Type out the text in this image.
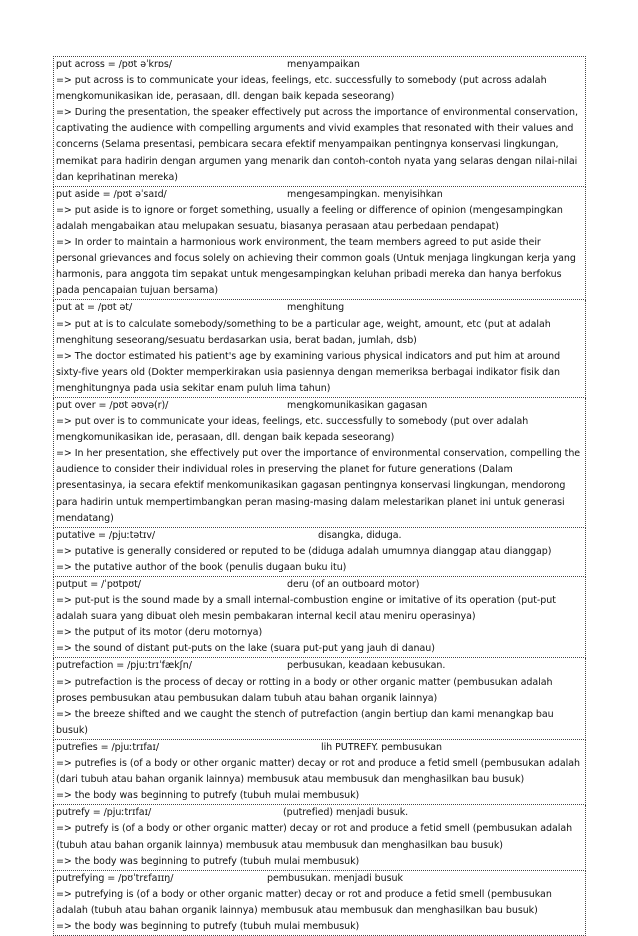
put across = /pʊt əˈkrɒs/	menyampaikan
=> put across is to communicate your ideas, feelings, etc. successfully to somebody (put across adalah mengkomunikasikan ide, perasaan, dll. dengan baik kepada seseorang)
=> During the presentation, the speaker effectively put across the importance of environmental conservation, captivating the audience with compelling arguments and vivid examples that resonated with their values and concerns (Selama presentasi, pembicara secara efektif menyampaikan pentingnya konservasi lingkungan, memikat para hadirin dengan argumen yang menarik dan contoh-contoh nyata yang selaras dengan nilai-nilai dan keprihatinan mereka)
put aside = /pʊt əˈsaɪd/	mengesampingkan. menyisihkan
=> put aside is to ignore or forget something, usually a feeling or difference of opinion (mengesampingkan adalah mengabaikan atau melupakan sesuatu, biasanya perasaan atau perbedaan pendapat)
=> In order to maintain a harmonious work environment, the team members agreed to put aside their personal grievances and focus solely on achieving their common goals (Untuk menjaga lingkungan kerja yang harmonis, para anggota tim sepakat untuk mengesampingkan keluhan pribadi mereka dan hanya berfokus pada pencapaian tujuan bersama)
put at = /pʊt ət/	menghitung
=> put at is to calculate somebody/something to be a particular age, weight, amount, etc (put at adalah menghitung seseorang/sesuatu berdasarkan usia, berat badan, jumlah, dsb)
=> The doctor estimated his patient's age by examining various physical indicators and put him at around sixty-five years old (Dokter memperkirakan usia pasiennya dengan memeriksa berbagai indikator fisik dan menghitungnya pada usia sekitar enam puluh lima tahun)
put over = /pʊt əʊvə(r)/	mengkomunikasikan gagasan
=> put over is to communicate your ideas, feelings, etc. successfully to somebody (put over adalah mengkomunikasikan ide, perasaan, dll. dengan baik kepada seseorang)
=> In her presentation, she effectively put over the importance of environmental conservation, compelling the audience to consider their individual roles in preserving the planet for future generations (Dalam presentasinya, ia secara efektif menkomunikasikan gagasan pentingnya konservasi lingkungan, mendorong para hadirin untuk mempertimbangkan peran masing-masing dalam melestarikan planet ini untuk generasi mendatang)
putative = /pjuːtətɪv/	disangka, diduga.
=> putative is generally considered or reputed to be (diduga adalah umumnya dianggap atau dianggap)
=> the putative author of the book (penulis dugaan buku itu)
putput = /ˈpʊtpʊt/	deru (of an outboard motor)
=> put-put is the sound made by a small internal-combustion engine or imitative of its operation (put-put adalah suara yang dibuat oleh mesin pembakaran internal kecil atau meniru operasinya)
=> the putput of its motor (deru motornya)
=> the sound of distant put-puts on the lake (suara put-put yang jauh di danau)
putrefaction = /pjuːtrɪˈfækʃn/	perbusukan, keadaan kebusukan.
=> putrefaction is the process of decay or rotting in a body or other organic matter (pembusukan adalah proses pembusukan atau pembusukan dalam tubuh atau bahan organik lainnya)
=> the breeze shifted and we caught the stench of putrefaction (angin bertiup dan kami menangkap bau busuk)
putrefies = /pjuːtrɪfaɪ/	lih PUTREFY. pembusukan
=> putrefies is (of a body or other organic matter) decay or rot and produce a fetid smell (pembusukan adalah (dari tubuh atau bahan organik lainnya) membusuk atau membusuk dan menghasilkan bau busuk)
=> the body was beginning to putrefy (tubuh mulai membusuk)
putrefy = /pjuːtrɪfaɪ/	(putrefied) menjadi busuk.
=> putrefy is (of a body or other organic matter) decay or rot and produce a fetid smell (pembusukan adalah (tubuh atau bahan organik lainnya) membusuk atau membusuk dan menghasilkan bau busuk)
=> the body was beginning to putrefy (tubuh mulai membusuk)
putrefying = /pʊˈtrɛfaɪɪŋ/	pembusukan. menjadi busuk
=> putrefying is (of a body or other organic matter) decay or rot and produce a fetid smell (pembusukan adalah (tubuh atau bahan organik lainnya) membusuk atau membusuk dan menghasilkan bau busuk)
=> the body was beginning to putrefy (tubuh mulai membusuk)
